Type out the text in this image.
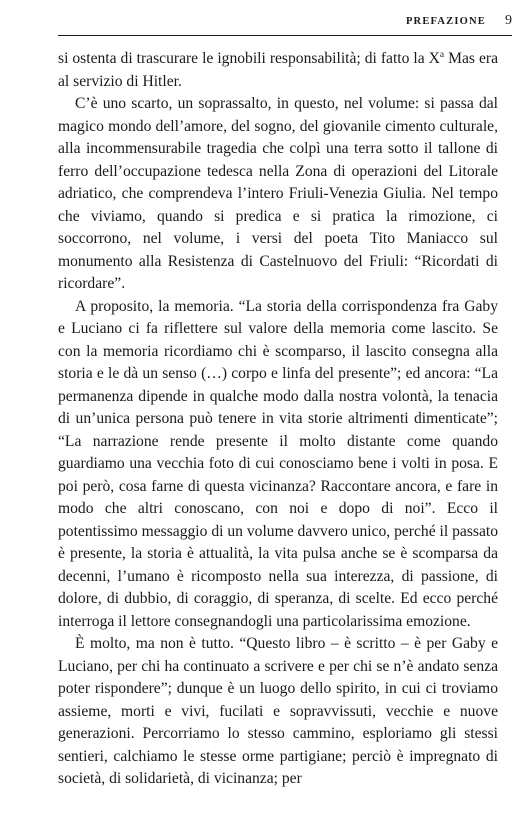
PREFAZIONE 9

si ostenta di trascurare le ignobili responsabilità; di fatto la $X^a$ Mas era al servizio di Hitler.

C’è uno scarto, un soprassalto, in questo, nel volume: si passa dal magico mondo dell’amore, del sogno, del giovanile cimento culturale, alla incommensurabile tragedia che colpì una terra sotto il tallone di ferro dell’occupazione tedesca nella Zona di operazioni del Litorale adriatico, che comprendeva l’intero Friuli-Venezia Giulia. Nel tempo che viviamo, quando si predica e si pratica la rimozione, ci soccorrono, nel volume, i versi del poeta Tito Maniacco sul monumento alla Resistenza di Castelnuovo del Friuli: “Ricordati di ricordare”.

A proposito, la memoria. “La storia della corrispondenza fra Gaby e Luciano ci fa riflettere sul valore della memoria come lascito. Se con la memoria ricordiamo chi è scomparso, il lascito consegna alla storia e le dà un senso (…) corpo e linfa del presente”; ed ancora: “La permanenza dipende in qualche modo dalla nostra volontà, la tenacia di un’unica persona può tenere in vita storie altrimenti dimenticate”; “La narrazione rende presente il molto distante come quando guardiamo una vecchia foto di cui conosciamo bene i volti in posa. E poi però, cosa farne di questa vicinanza? Raccontare ancora, e fare in modo che altri conoscano, con noi e dopo di noi”. Ecco il potentissimo messaggio di un volume davvero unico, perché il passato è presente, la storia è attualità, la vita pulsa anche se è scomparsa da decenni, l’umano è ricomposto nella sua interezza, di passione, di dolore, di dubbio, di coraggio, di speranza, di scelte. Ed ecco perché interroga il lettore consegnandogli una particolarissima emozione.

È molto, ma non è tutto. “Questo libro – è scritto – è per Gaby e Luciano, per chi ha continuato a scrivere e per chi se n’è andato senza poter rispondere”; dunque è un luogo dello spirito, in cui ci troviamo assieme, morti e vivi, fucilati e sopravvissuti, vecchie e nuove generazioni. Percorriamo lo stesso cammino, esploriamo gli stessi sentieri, calchiamo le stesse orme partigiane; perciò è impregnato di società, di solidarietà, di vicinanza; per
